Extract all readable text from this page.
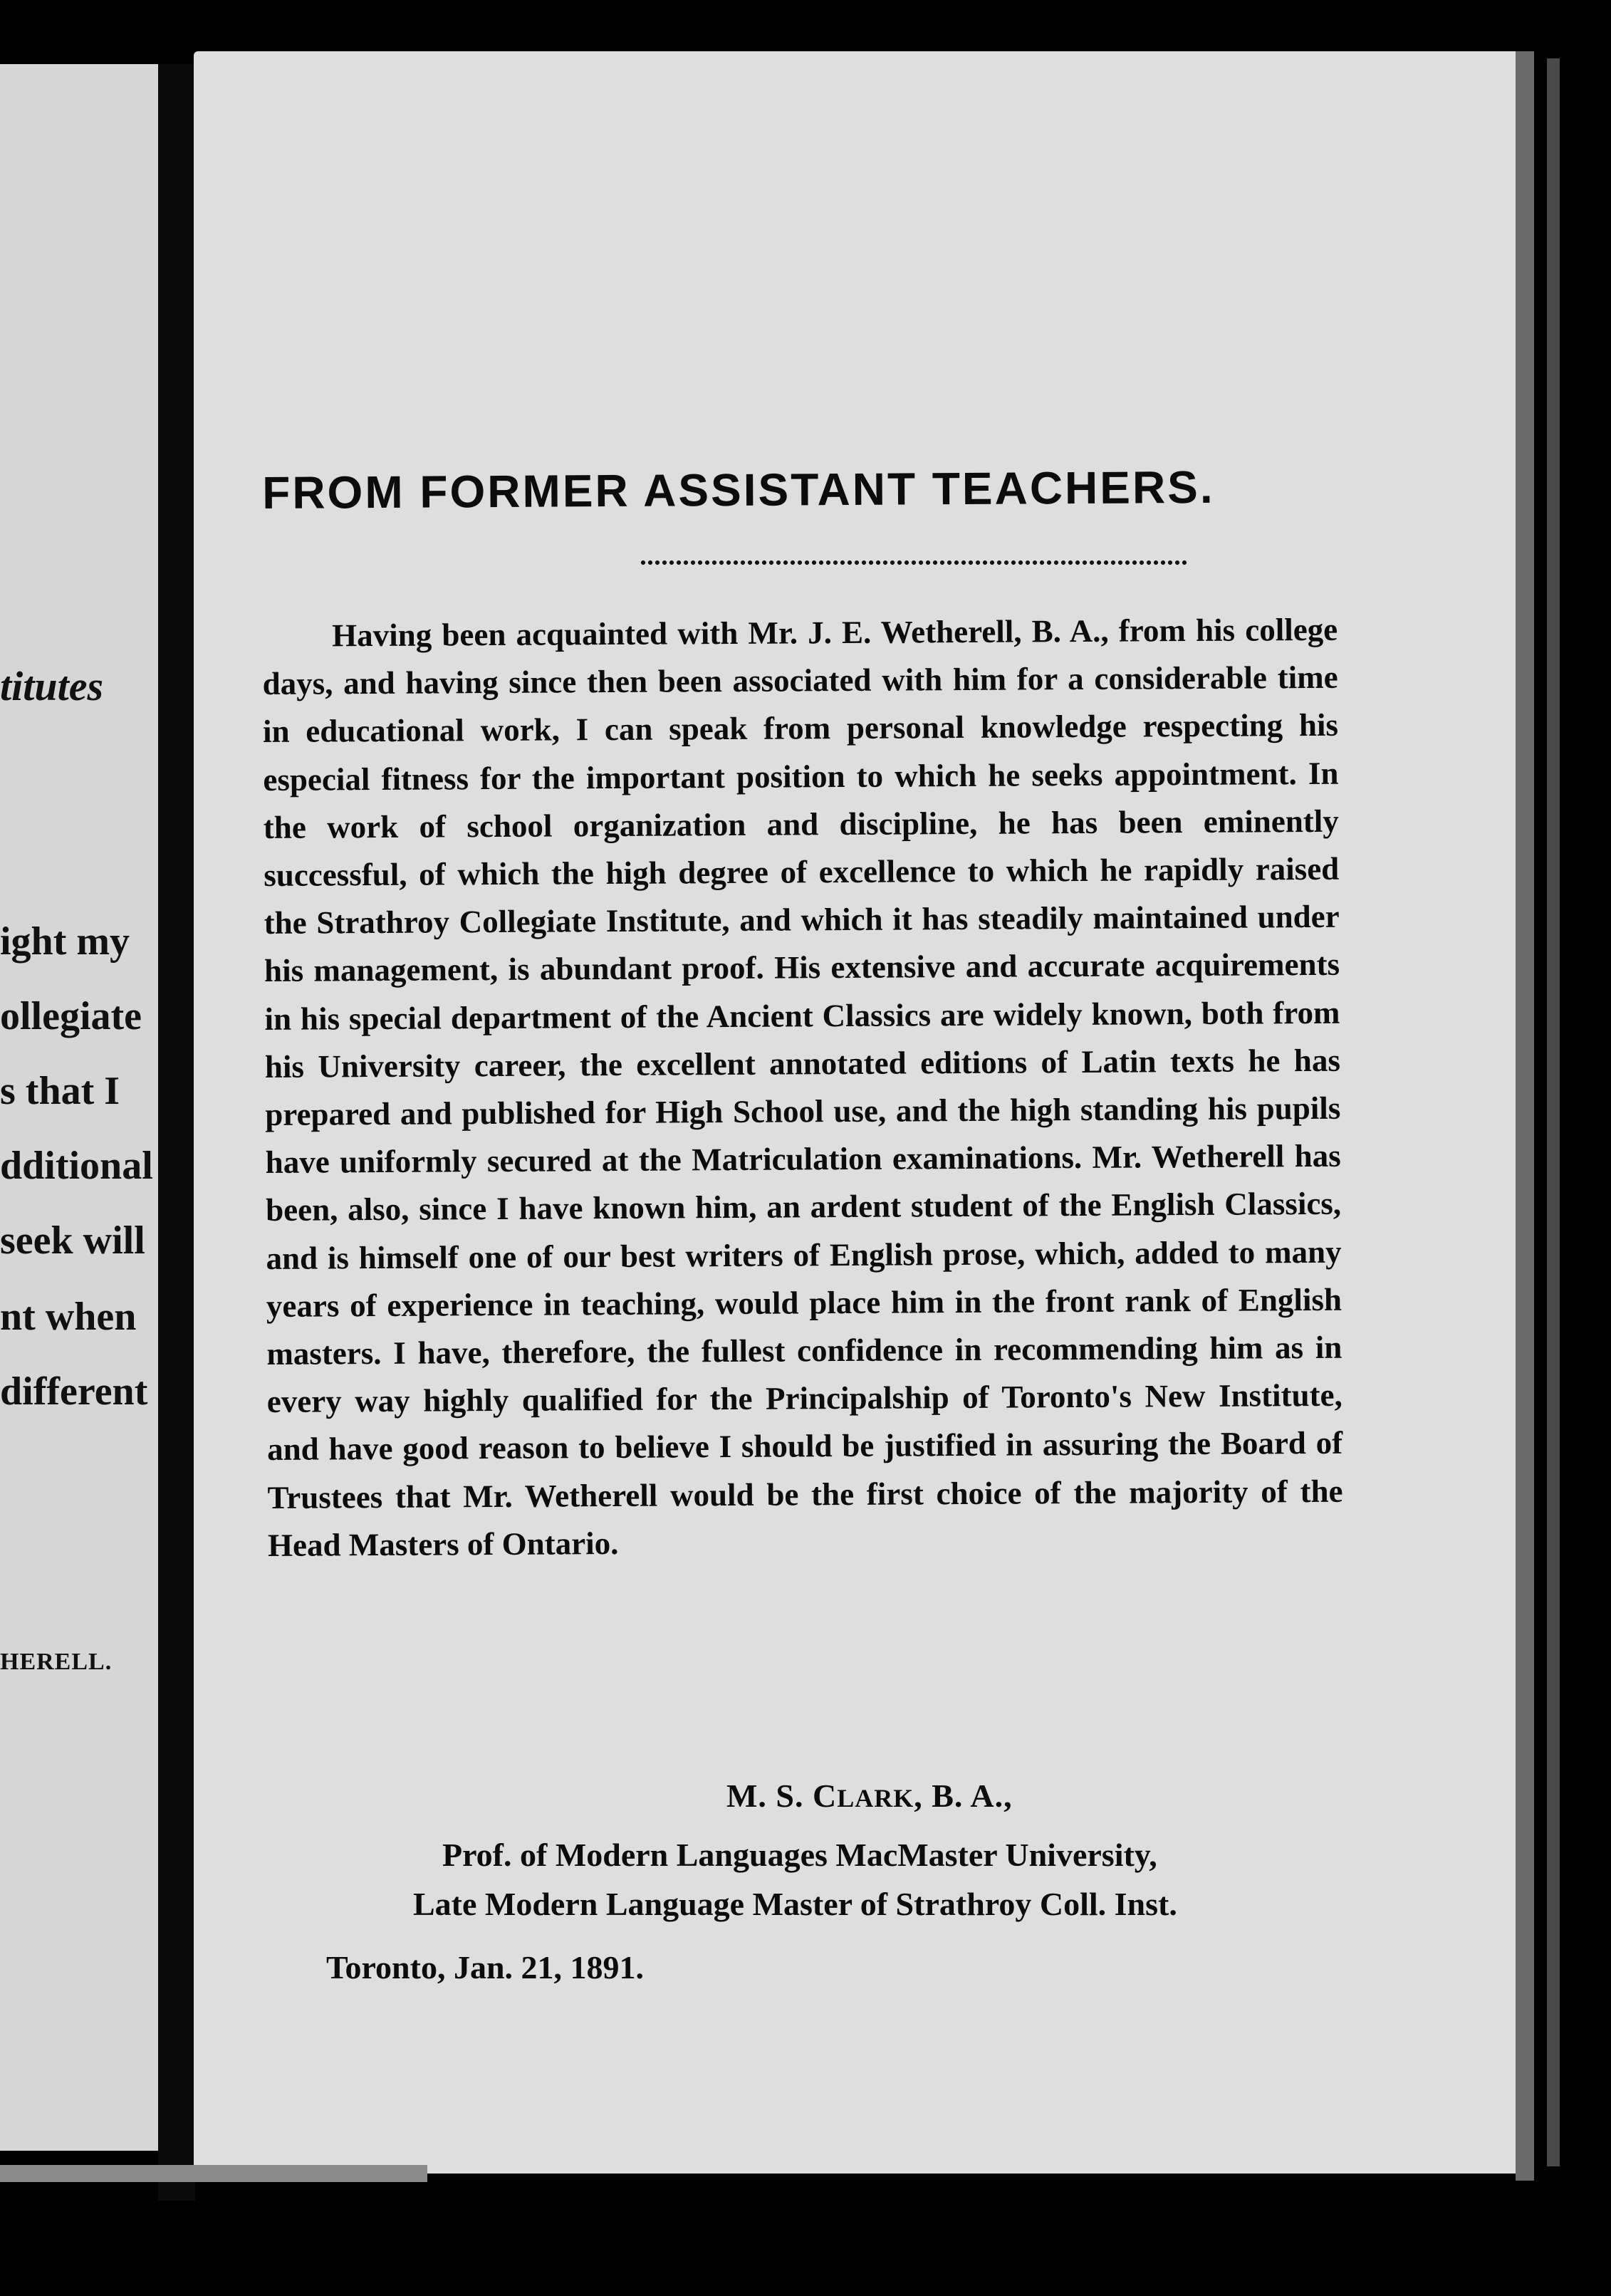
titutes
ight my
ollegiate
s that I
dditional
seek will
nt when
different
HERELL.
FROM FORMER ASSISTANT TEACHERS.

Having been acquainted with Mr. J. E. Wetherell, B. A., from his college days, and having since then been associated with him for a considerable time in educational work, I can speak from personal knowledge respecting his especial fitness for the important position to which he seeks appointment. In the work of school organization and discipline, he has been eminently successful, of which the high degree of excellence to which he rapidly raised the Strathroy Collegiate Institute, and which it has steadily maintained under his management, is abundant proof. His extensive and accurate acquirements in his special department of the Ancient Classics are widely known, both from his University career, the excellent annotated editions of Latin texts he has prepared and published for High School use, and the high standing his pupils have uniformly secured at the Matriculation examinations. Mr. Wetherell has been, also, since I have known him, an ardent student of the English Classics, and is himself one of our best writers of English prose, which, added to many years of experience in teaching, would place him in the front rank of English masters. I have, therefore, the fullest confidence in recommending him as in every way highly qualified for the Principalship of Toronto's New Institute, and have good reason to believe I should be justified in assuring the Board of Trustees that Mr. Wetherell would be the first choice of the majority of the Head Masters of Ontario.

M. S. CLARK, B. A.,
Prof. of Modern Languages MacMaster University,
Late Modern Language Master of Strathroy Coll. Inst.
Toronto, Jan. 21, 1891.
